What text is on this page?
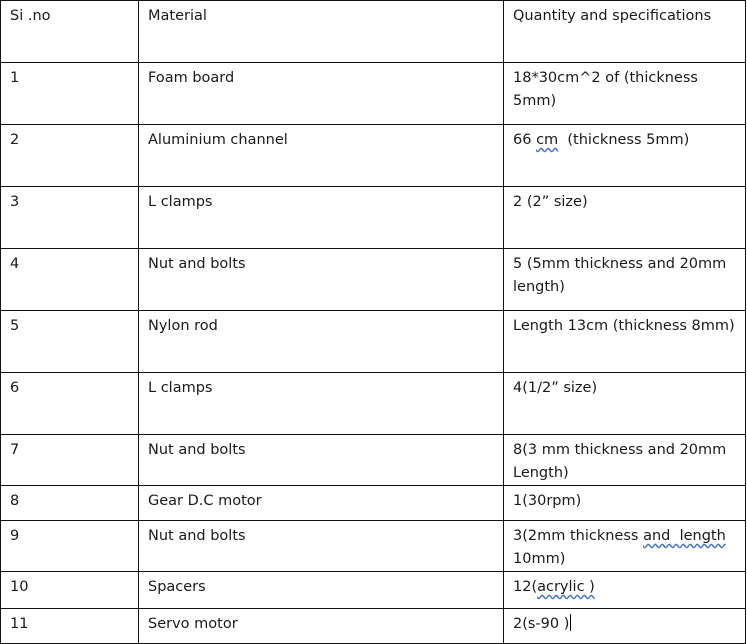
Si .no	Material	Quantity and specifications
1	Foam board	18*30cm^2 of (thickness 5mm)
2	Aluminium channel	66 cm  (thickness 5mm)
3	L clamps	2 (2” size)
4	Nut and bolts	5 (5mm thickness and 20mm length)
5	Nylon rod	Length 13cm (thickness 8mm)
6	L clamps	4(1/2” size)
7	Nut and bolts	8(3 mm thickness and 20mm Length)
8	Gear D.C motor	1(30rpm)
9	Nut and bolts	3(2mm thickness and  length 10mm)
10	Spacers	12(acrylic )
11	Servo motor	2(s-90 )
